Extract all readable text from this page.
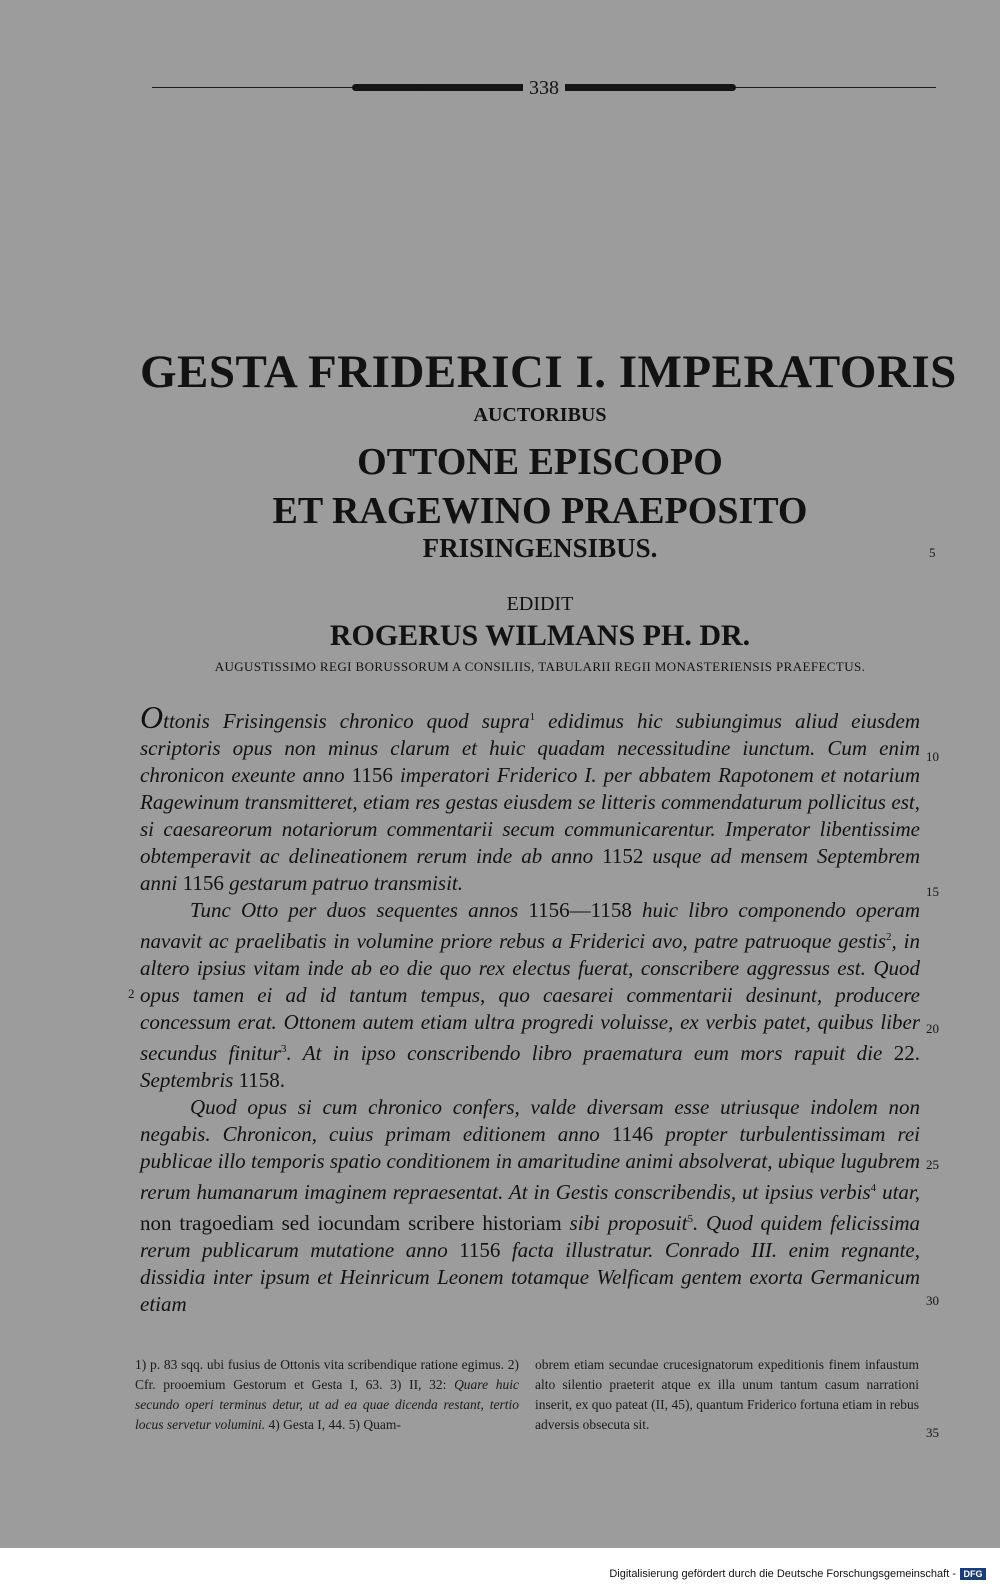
338
GESTA FRIDERICI I. IMPERATORIS
AUCTORIBUS
OTTONE EPISCOPO
ET RAGEWINO PRAEPOSITO
FRISINGENSIBUS.
EDIDIT
ROGERUS WILMANS PH. DR.
AUGUSTISSIMO REGI BORUSSORUM A CONSILIIS, TABULARII REGII MONASTERIENSIS PRAEFECTUS.
5
10
15
20
25
30
35
2

Ottonis Frisingensis chronico quod supra$^1$ edidimus hic subiungimus aliud eiusdem scriptoris opus non minus clarum et huic quadam necessitudine iunctum. Cum enim chronicon exeunte anno 1156 imperatori Friderico I. per abbatem Rapotonem et notarium Ragewinum transmitteret, etiam res gestas eiusdem se litteris commendaturum pollicitus est, si caesareorum notariorum commentarii secum communicarentur. Imperator libentissime obtemperavit ac delineationem rerum inde ab anno 1152 usque ad mensem Septembrem anni 1156 gestarum patruo transmisit.

Tunc Otto per duos sequentes annos 1156—1158 huic libro componendo operam navavit ac praelibatis in volumine priore rebus a Friderici avo, patre patruoque gestis$^2$, in altero ipsius vitam inde ab eo die quo rex electus fuerat, conscribere aggressus est. Quod opus tamen ei ad id tantum tempus, quo caesarei commentarii desinunt, producere concessum erat. Ottonem autem etiam ultra progredi voluisse, ex verbis patet, quibus liber secundus finitur$^3$. At in ipso conscribendo libro praematura eum mors rapuit die 22. Septembris 1158.

Quod opus si cum chronico confers, valde diversam esse utriusque indolem non negabis. Chronicon, cuius primam editionem anno 1146 propter turbulentissimam rei publicae illo temporis spatio conditionem in amaritudine animi absolverat, ubique lugubrem rerum humanarum imaginem repraesentat. At in Gestis conscribendis, ut ipsius verbis$^4$ utar, non tragoediam sed iocundam scribere historiam sibi proposuit$^5$. Quod quidem felicissima rerum publicarum mutatione anno 1156 facta illustratur. Conrado III. enim regnante, dissidia inter ipsum et Heinricum Leonem totamque Welficam gentem exorta Germanicum etiam

1) p. 83 sqq. ubi fusius de Ottonis vita scribendique ratione egimus. 2) Cfr. prooemium Gestorum et Gesta I, 63. 3) II, 32: Quare huic secundo operi terminus detur, ut ad ea quae dicenda restant, tertio locus servetur volumini. 4) Gesta I, 44. 5) Quam-
obrem etiam secundae crucesignatorum expeditionis finem infaustum alto silentio praeterit atque ex illa unum tantum casum narrationi inserit, ex quo pateat (II, 45), quantum Friderico fortuna etiam in rebus adversis obsecuta sit.
Digitalisierung gefördert durch die Deutsche Forschungsgemeinschaft - DFG
